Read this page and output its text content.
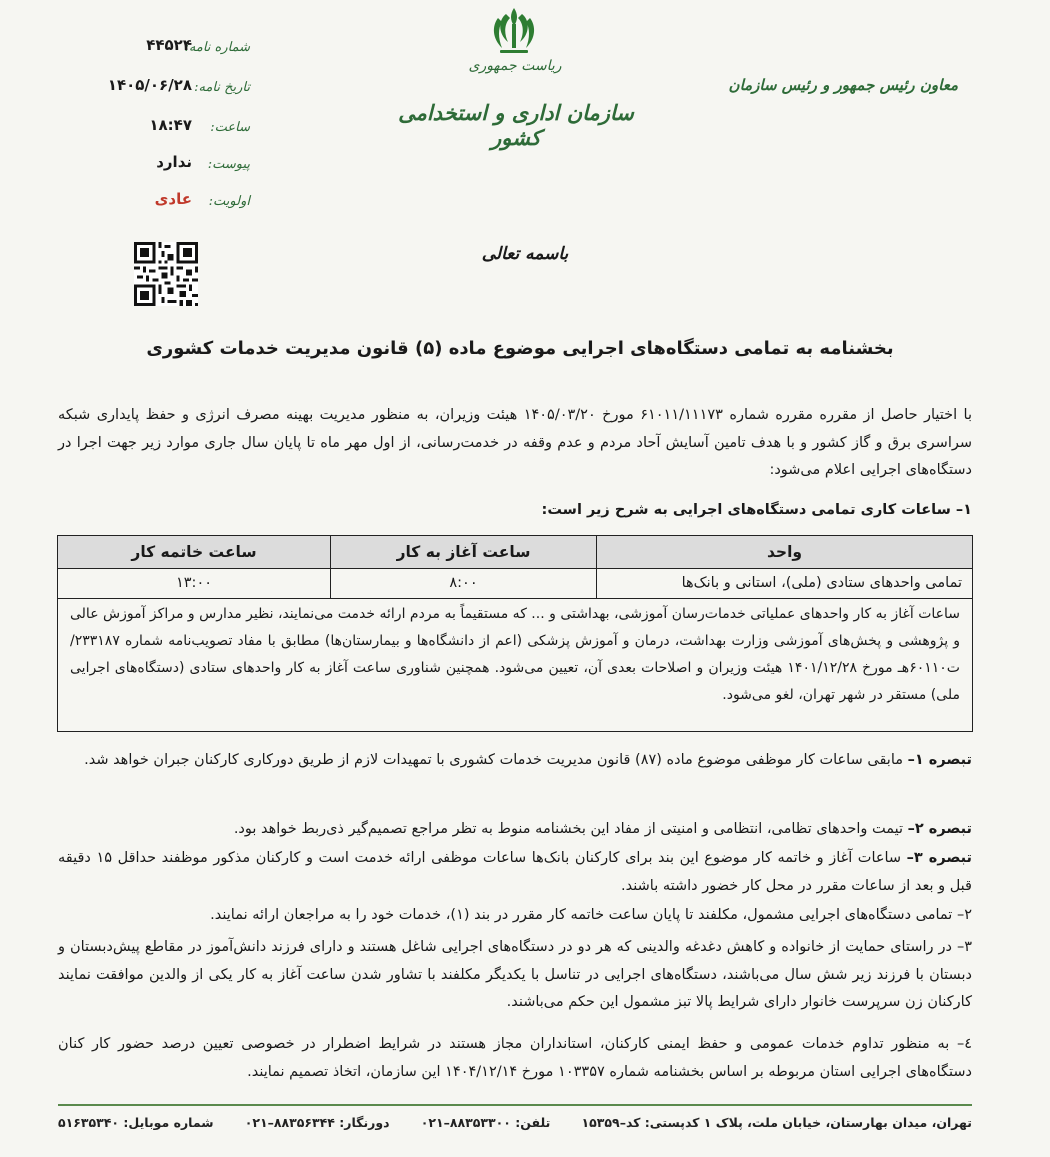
ریاست جمهوری
سازمان اداری و استخدامی کشور
معاون رئیس جمهور و رئیس سازمان
شماره نامه:
۴۴۵۲۴
تاریخ نامه:
۱۴۰۵/۰۶/۲۸
ساعت:
۱۸:۴۷
پیوست:
ندارد
اولویت:
عادی
باسمه تعالی
بخشنامه به تمامی دستگاه‌های اجرایی موضوع ماده (۵) قانون مدیریت خدمات کشوری
با اختیار حاصل از مقرره مقرره شماره ۶۱۰۱۱/۱۱۱۷۳ مورخ ۱۴۰۵/۰۳/۲۰ هیئت وزیران، به منظور مدیریت بهینه مصرف انرژی و حفظ پایداری شبکه سراسری برق و گاز کشور و با هدف تامین آسایش آحاد مردم و عدم وقفه در خدمت‌رسانی، از اول مهر ماه تا پایان سال جاری موارد زیر جهت اجرا در دستگاه‌های اجرایی اعلام می‌شود:
۱– ساعات کاری تمامی دستگاه‌های اجرایی به شرح زیر است:
واحد
ساعت آغاز به کار
ساعت خاتمه کار
تمامی واحدهای ستادی (ملی)، استانی و بانک‌ها
۸:۰۰
۱۳:۰۰
ساعات آغاز به کار واحدهای عملیاتی خدمات‌رسان آموزشی، بهداشتی و ... که مستقیماً به مردم ارائه خدمت می‌نمایند، نظیر مدارس و مراکز آموزش عالی و پژوهشی و پخش‌های آموزشی وزارت بهداشت، درمان و آموزش پزشکی (اعم از دانشگاه‌ها و بیمارستان‌ها) مطابق با مفاد تصویب‌نامه شماره ۲۳۳۱۸۷/ت۶۰۱۱۰هـ مورخ ۱۴۰۱/۱۲/۲۸ هیئت وزیران و اصلاحات بعدی آن، تعیین می‌شود. همچنین شناوری ساعت آغاز به کار واحدهای ستادی (دستگاه‌های اجرایی ملی) مستقر در شهر تهران، لغو می‌شود.
تبصره ۱– مابقی ساعات کار موظفی موضوع ماده (۸۷) قانون مدیریت خدمات کشوری با تمهیدات لازم از طریق دورکاری کارکنان جبران خواهد شد.
تبصره ۲– تیمت واحدهای تظامی، انتظامی و امنیتی از مفاد این بخشنامه منوط به تظر مراجع تصمیم‌گیر ذی‌ربط خواهد بود.
تبصره ۳– ساعات آغاز و خاتمه کار موضوع این بند برای کارکنان بانک‌ها ساعات موظفی ارائه خدمت است و کارکنان مذکور موظفند حداقل ۱۵ دقیقه قبل و بعد از ساعات مقرر در محل کار خضور داشته باشند.
۲– تمامی دستگاه‌های اجرایی مشمول، مکلفند تا پایان ساعت خاتمه کار مقرر در بند (۱)، خدمات خود را به مراجعان ارائه نمایند.
۳– در راستای حمایت از خانواده و کاهش دغدغه والدینی که هر دو در دستگاه‌های اجرایی شاغل هستند و دارای فرزند دانش‌آموز در مقاطع پیش‌دبستان و دبستان با فرزند زیر شش سال می‌باشند، دستگاه‌های اجرایی در تناسل با یکدیگر مکلفند با تشاور شدن ساعت آغاز به کار یکی از والدین موافقت نمایند کارکنان زن سرپرست خانوار دارای شرایط پالا تبز مشمول این حکم می‌باشند.
٤– به منظور تداوم خدمات عمومی و حفظ ایمنی کارکنان، استانداران مجاز هستند در شرایط اضطرار در خصوصی تعیین درصد حضور کار کنان دستگاه‌های اجرایی استان مربوطه بر اساس بخشنامه شماره ۱۰۳۳۵۷ مورخ ۱۴۰۴/۱۲/۱۴ این سازمان، اتخاذ تصمیم نمایند.
تهران، میدان بهارستان، خیابان ملت، پلاک ۱ کدپستی: کد–۱۵۳۵۹
تلفن: ۸۸۳۵۳۳۰۰–۰۲۱
دورنگار: ۸۸۳۵۶۳۴۴–۰۲۱
شماره موبایل: ۵۱۶۳۵۳۴۰
